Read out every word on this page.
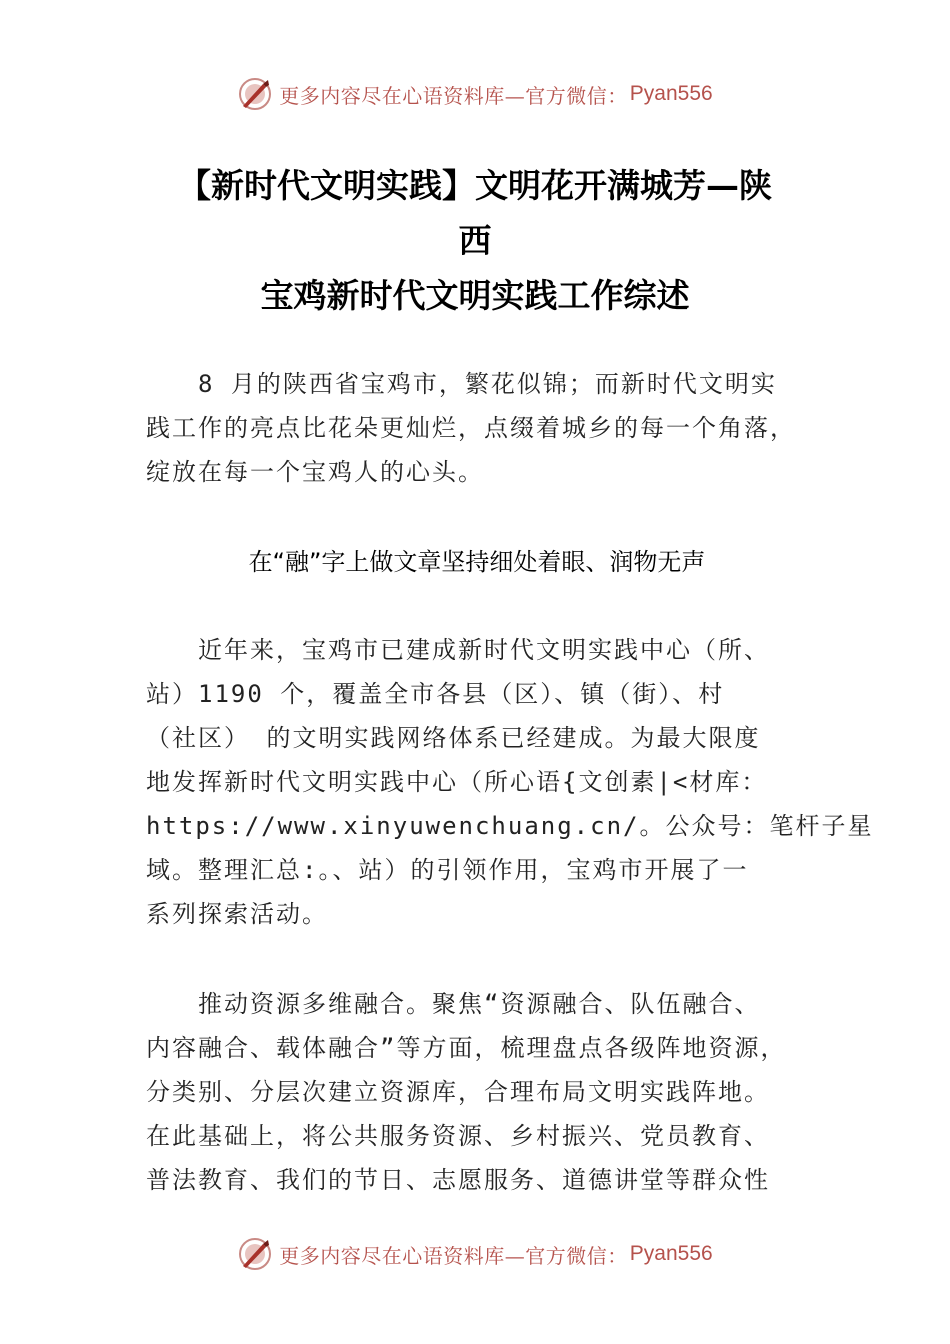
更多内容尽在心语资料库—官方微信： Pyan556
【新时代文明实践】文明花开满城芳—陕
西
宝鸡新时代文明实践工作综述

　　8 月的陕西省宝鸡市，繁花似锦；而新时代文明实
践工作的亮点比花朵更灿烂，点缀着城乡的每一个角落，
绽放在每一个宝鸡人的心头。

在“融”字上做文章坚持细处着眼、润物无声

　　近年来，宝鸡市已建成新时代文明实践中心（所、
站）1190 个，覆盖全市各县（区）、镇（街）、村
（社区） 的文明实践网络体系已经建成。为最大限度
地发挥新时代文明实践中心（所心语{文创素|<材库：
https://www.xinyuwenchuang.cn/。公众号：笔杆子星
域。整理汇总:。、站）的引领作用，宝鸡市开展了一
系列探索活动。

　　推动资源多维融合。聚焦“资源融合、队伍融合、
内容融合、载体融合”等方面，梳理盘点各级阵地资源，
分类别、分层次建立资源库，合理布局文明实践阵地。
在此基础上，将公共服务资源、乡村振兴、党员教育、
普法教育、我们的节日、志愿服务、道德讲堂等群众性

更多内容尽在心语资料库—官方微信： Pyan556
